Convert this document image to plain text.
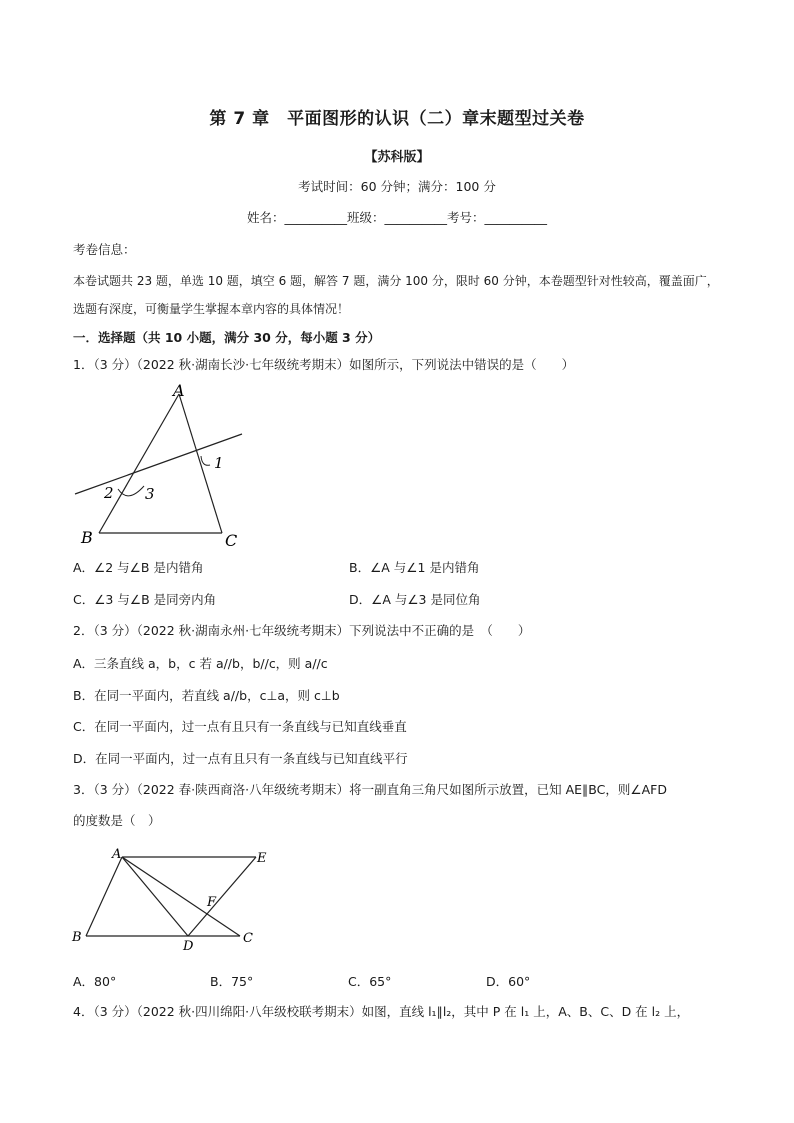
第 7 章　平面图形的认识（二）章末题型过关卷
【苏科版】
考试时间：60 分钟；满分：100 分
姓名：__________班级：__________考号：__________
考卷信息：
本卷试题共 23 题，单选 10 题，填空 6 题，解答 7 题，满分 100 分，限时 60 分钟，本卷题型针对性较高，覆盖面广，选题有深度，可衡量学生掌握本章内容的具体情况！
一．选择题（共 10 小题，满分 30 分，每小题 3 分）
1．（3 分）（2022 秋·湖南长沙·七年级统考期末）如图所示，下列说法中错误的是（　　）
A
B	C
1
2 3
A．∠2 与∠B 是内错角	B．∠A 与∠1 是内错角
C．∠3 与∠B 是同旁内角	D．∠A 与∠3 是同位角
2．（3 分）（2022 秋·湖南永州·七年级统考期末）下列说法中不正确的是　（　　）
A．三条直线 a，b，c 若 a//b，b//c，则 a//c
B．在同一平面内，若直线 a//b，c⊥a，则 c⊥b
C．在同一平面内，过一点有且只有一条直线与已知直线垂直
D．在同一平面内，过一点有且只有一条直线与已知直线平行
3．（3 分）（2022 春·陕西商洛·八年级统考期末）将一副直角三角尺如图所示放置，已知 AE∥BC，则∠AFD
的度数是（　）
A	E
B
D
C
F
A．80°	B．75°	C．65°	D．60°
4．（3 分）（2022 秋·四川绵阳·八年级校联考期末）如图，直线 l₁∥l₂，其中 P 在 l₁ 上，A、B、C、D 在 l₂ 上，
